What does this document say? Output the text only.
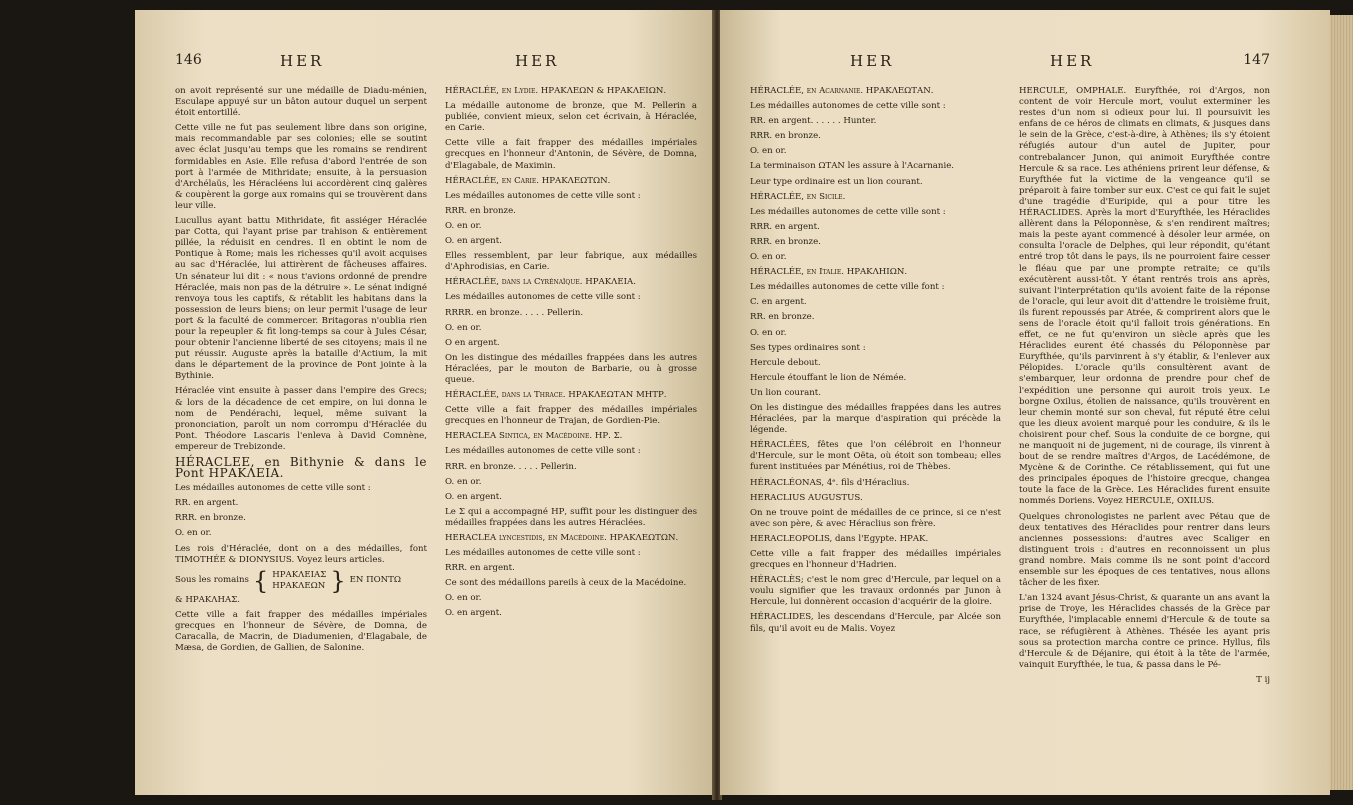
146	HER	HER

on avoit représenté sur une médaille de Diadu-ménien, Esculape appuyé sur un bâton autour duquel un serpent étoit entortillé.

Cette ville ne fut pas seulement libre dans son origine, mais recommandable par ses colonies; elle se soutint avec éclat jusqu'au temps que les romains se rendirent formidables en Asie. Elle refusa d'abord l'entrée de son port à l'armée de Mithridate; ensuite, à la persuasion d'Archélaüs, les Héracléens lui accordèrent cinq galères & coupèrent la gorge aux romains qui se trouvèrent dans leur ville.

Lucullus ayant battu Mithridate, fit assiéger Héraclée par Cotta, qui l'ayant prise par trahison & entièrement pillée, la réduisit en cendres. Il en obtint le nom de Pontique à Rome; mais les richesses qu'il avoit acquises au sac d'Héraclée, lui attirèrent de fâcheuses affaires. Un sénateur lui dit : « nous t'avions ordonné de prendre Héraclée, mais non pas de la détruire ». Le sénat indigné renvoya tous les captifs, & rétablit les habitans dans la possession de leurs biens; on leur permit l'usage de leur port & la faculté de commercer. Britagoras n'oublia rien pour la repeupler & fit long-temps sa cour à Jules César, pour obtenir l'ancienne liberté de ses citoyens; mais il ne put réussir. Auguste après la bataille d'Actium, la mit dans le département de la province de Pont jointe à la Bythinie.

Héraclée vint ensuite à passer dans l'empire des Grecs; & lors de la décadence de cet empire, on lui donna le nom de Pendérachi, lequel, même suivant la prononciation, paroît un nom corrompu d'Héraclée du Pont. Théodore Lascaris l'enleva à David Comnène, empereur de Trebizonde.

HÉRACLEE, en Bithynie & dans le Pont ΗΡΑΚΛΕΙΑ.

Les médailles autonomes de cette ville sont :

RR. en argent.

RRR. en bronze.

O. en or.

Les rois d'Héraclée, dont on a des médailles, font TIMOTHÉE & DIONYSIUS. Voyez leurs articles.

Sous les romains { ΗΡΑΚΛΕΙΑΣ
ΗΡΑΚΛΕΩΝ } EN ΠΟΝΤΩ

& ΗΡΑΚΛΗΑΣ.

Cette ville a fait frapper des médailles impériales grecques en l'honneur de Sévère, de Domna, de Caracalla, de Macrin, de Diadumenien, d'Elagabale, de Mæsa, de Gordien, de Gallien, de Salonine.

HÉRACLÉE, en Lydie. ΗΡΑΚΛΕΩΝ & ΗΡΑΚΛΕΙΩΝ.

La médaille autonome de bronze, que M. Pellerin a publiée, convient mieux, selon cet écrivain, à Héraclée, en Carie.

Cette ville a fait frapper des médailles impériales grecques en l'honneur d'Antonin, de Sévère, de Domna, d'Elagabale, de Maximin.

HÉRACLÉE, en Carie. ΗΡΑΚΛΕΩΤΩΝ.

Les médailles autonomes de cette ville sont :

RRR. en bronze.

O. en or.

O. en argent.

Elles ressemblent, par leur fabrique, aux médailles d'Aphrodisias, en Carie.

HÉRACLÉE, dans la Cyrénaïque. ΗΡΑΚΛΕΙΑ.

Les médailles autonomes de cette ville sont :

RRRR. en bronze. . . . . Pellerin.

O. en or.

O en argent.

On les distingue des médailles frappées dans les autres Héraclées, par le mouton de Barbarie, ou à grosse queue.

HÉRACLÉE, dans la Thrace. ΗΡΑΚΛΕΩΤΑΝ ΜΗΤΡ.

Cette ville a fait frapper des médailles impériales grecques en l'honneur de Trajan, de Gordien-Pie.

HERACLEA Sintica, en Macédoine. ΗΡ. Σ.

Les médailles autonomes de cette ville sont :

RRR. en bronze. . . . . Pellerin.

O. en or.

O. en argent.

Le Σ qui a accompagné ΗΡ, suffit pour les distinguer des médailles frappées dans les autres Héraclées.

HERACLEA lyncestidis, en Macédoine. ΗΡΑΚΛΕΩΤΩΝ.

Les médailles autonomes de cette ville sont :

RRR. en argent.

Ce sont des médaillons pareils à ceux de la Macédoine.

O. en or.

O. en argent.

HER	HER	147

HÉRACLÉE, en Acarnanie. ΗΡΑΚΛΕΩΤΑΝ.

Les médailles autonomes de cette ville sont :

RR. en argent. . . . . . Hunter.

RRR. en bronze.

O. en or.

La terminaison ΩΤΑΝ les assure à l'Acarnanie.

Leur type ordinaire est un lion courant.

HÉRACLÉE, en Sicile.

Les médailles autonomes de cette ville sont :

RRR. en argent.

RRR. en bronze.

O. en or.

HÉRACLÉE, en Italie. ΗΡΑΚΛΗΙΩΝ.

Les médailles autonomes de cette ville font :

C. en argent.

RR. en bronze.

O. en or.

Ses types ordinaires sont :

Hercule debout.

Hercule étouffant le lion de Némée.

Un lion courant.

On les distingue des médailles frappées dans les autres Héraclées, par la marque d'aspiration qui précède la légende.

HÉRACLÉES, fêtes que l'on célébroit en l'honneur d'Hercule, sur le mont Oëta, où étoit son tombeau; elles furent instituées par Ménétius, roi de Thèbes.

HÉRACLÉONAS, 4ᵉ. fils d'Héraclius.

HERACLIUS AUGUSTUS.

On ne trouve point de médailles de ce prince, si ce n'est avec son père, & avec Héraclius son frère.

HERACLEOPOLIS, dans l'Egypte. ΗΡΑΚ.

Cette ville a fait frapper des médailles impériales grecques en l'honneur d'Hadrien.

HÉRACLÈS; c'est le nom grec d'Hercule, par lequel on a voulu signifier que les travaux ordonnés par Junon à Hercule, lui donnèrent occasion d'acquérir de la gloire.

HÉRACLIDES, les descendans d'Hercule, par Alcée son fils, qu'il avoit eu de Malis. Voyez

HERCULE, OMPHALE. Euryfthée, roi d'Argos, non content de voir Hercule mort, voulut exterminer les restes d'un nom si odieux pour lui. Il poursuivit les enfans de ce héros de climats en climats, & jusques dans le sein de la Grèce, c'est-à-dire, à Athènes; ils s'y étoient réfugiés autour d'un autel de Jupiter, pour contrebalancer Junon, qui animoit Euryfthée contre Hercule & sa race. Les athéniens prirent leur défense, & Euryfthée fut la victime de la vengeance qu'il se préparoit à faire tomber sur eux. C'est ce qui fait le sujet d'une tragédie d'Euripide, qui a pour titre les HÉRACLIDES. Après la mort d'Euryfthée, les Héraclides allèrent dans la Péloponnèse, & s'en rendirent maîtres; mais la peste ayant commencé à désoler leur armée, on consulta l'oracle de Delphes, qui leur répondit, qu'étant entré trop tôt dans le pays, ils ne pourroient faire cesser le fléau que par une prompte retraite; ce qu'ils exécutèrent aussi-tôt. Y étant rentrés trois ans après, suivant l'interprétation qu'ils avoient faite de la réponse de l'oracle, qui leur avoit dit d'attendre le troisième fruit, ils furent repoussés par Atrée, & comprirent alors que le sens de l'oracle étoit qu'il falloit trois générations. En effet, ce ne fut qu'environ un siècle après que les Héraclides eurent été chassés du Péloponnèse par Euryfthée, qu'ils parvinrent à s'y établir, & l'enlever aux Pélopides. L'oracle qu'ils consultèrent avant de s'embarquer, leur ordonna de prendre pour chef de l'expédition une personne qui auroit trois yeux. Le borgne Oxilus, étolien de naissance, qu'ils trouvèrent en leur chemin monté sur son cheval, fut réputé être celui que les dieux avoient marqué pour les conduire, & ils le choisirent pour chef. Sous la conduite de ce borgne, qui ne manquoit ni de jugement, ni de courage, ils vinrent à bout de se rendre maîtres d'Argos, de Lacédémone, de Mycène & de Corinthe. Ce rétablissement, qui fut une des principales époques de l'histoire grecque, changea toute la face de la Grèce. Les Héraclides furent ensuite nommés Doriens. Voyez HERCULE, OXILUS.

Quelques chronologistes ne parlent avec Pétau que de deux tentatives des Héraclides pour rentrer dans leurs anciennes possessions: d'autres avec Scaliger en distinguent trois : d'autres en reconnoissent un plus grand nombre. Mais comme ils ne sont point d'accord ensemble sur les époques de ces tentatives, nous allons tâcher de les fixer.

L'an 1324 avant Jésus-Christ, & quarante un ans avant la prise de Troye, les Héraclides chassés de la Grèce par Euryfthée, l'implacable ennemi d'Hercule & de toute sa race, se réfugièrent à Athènes. Thésée les ayant pris sous sa protection marcha contre ce prince. Hyllus, fils d'Hercule & de Déjanire, qui étoit à la tête de l'armée, vainquit Euryfthée, le tua, & passa dans le Pé-

T ij
